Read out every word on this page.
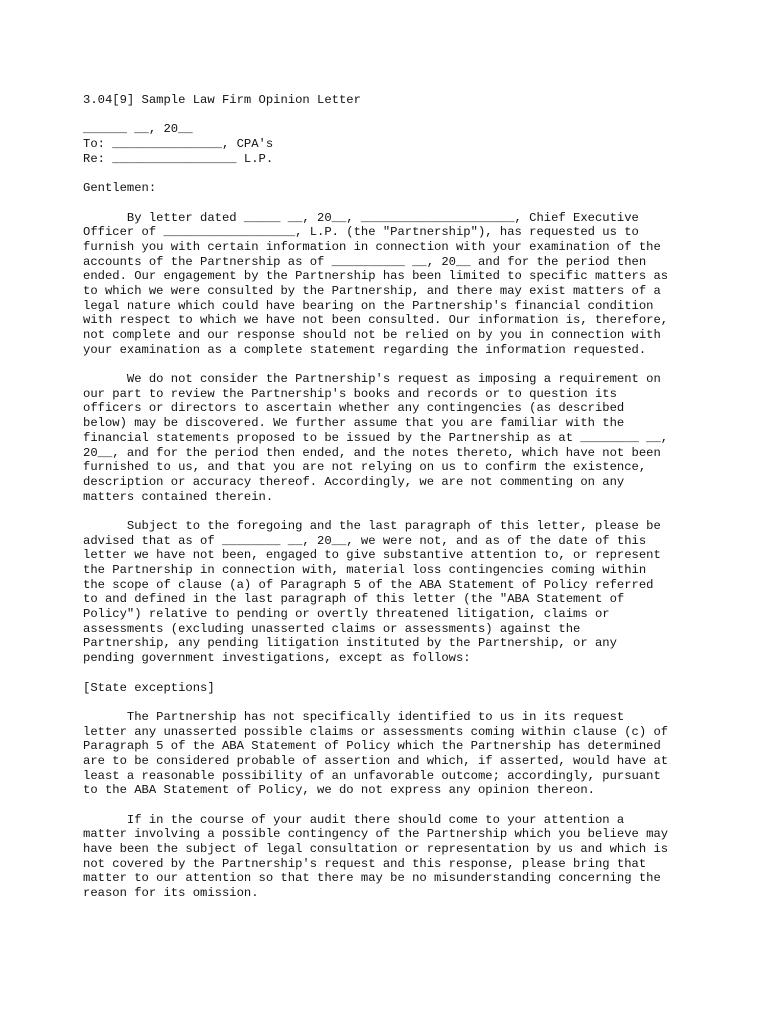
3.04[9] Sample Law Firm Opinion Letter
______ __, 20__
To: _______________, CPA's
Re: _________________ L.P.
Gentlemen:
By letter dated _____ __, 20__, _____________________, Chief Executive
Officer of __________________, L.P. (the "Partnership"), has requested us to
furnish you with certain information in connection with your examination of the
accounts of the Partnership as of __________ __, 20__ and for the period then
ended. Our engagement by the Partnership has been limited to specific matters as
to which we were consulted by the Partnership, and there may exist matters of a
legal nature which could have bearing on the Partnership's financial condition
with respect to which we have not been consulted. Our information is, therefore,
not complete and our response should not be relied on by you in connection with
your examination as a complete statement regarding the information requested.
We do not consider the Partnership's request as imposing a requirement on
our part to review the Partnership's books and records or to question its
officers or directors to ascertain whether any contingencies (as described
below) may be discovered. We further assume that you are familiar with the
financial statements proposed to be issued by the Partnership as at ________ __,
20__, and for the period then ended, and the notes thereto, which have not been
furnished to us, and that you are not relying on us to confirm the existence,
description or accuracy thereof. Accordingly, we are not commenting on any
matters contained therein.
Subject to the foregoing and the last paragraph of this letter, please be
advised that as of ________ __, 20__, we were not, and as of the date of this
letter we have not been, engaged to give substantive attention to, or represent
the Partnership in connection with, material loss contingencies coming within
the scope of clause (a) of Paragraph 5 of the ABA Statement of Policy referred
to and defined in the last paragraph of this letter (the "ABA Statement of
Policy") relative to pending or overtly threatened litigation, claims or
assessments (excluding unasserted claims or assessments) against the
Partnership, any pending litigation instituted by the Partnership, or any
pending government investigations, except as follows:
[State exceptions]
The Partnership has not specifically identified to us in its request
letter any unasserted possible claims or assessments coming within clause (c) of
Paragraph 5 of the ABA Statement of Policy which the Partnership has determined
are to be considered probable of assertion and which, if asserted, would have at
least a reasonable possibility of an unfavorable outcome; accordingly, pursuant
to the ABA Statement of Policy, we do not express any opinion thereon.
If in the course of your audit there should come to your attention a
matter involving a possible contingency of the Partnership which you believe may
have been the subject of legal consultation or representation by us and which is
not covered by the Partnership's request and this response, please bring that
matter to our attention so that there may be no misunderstanding concerning the
reason for its omission.
